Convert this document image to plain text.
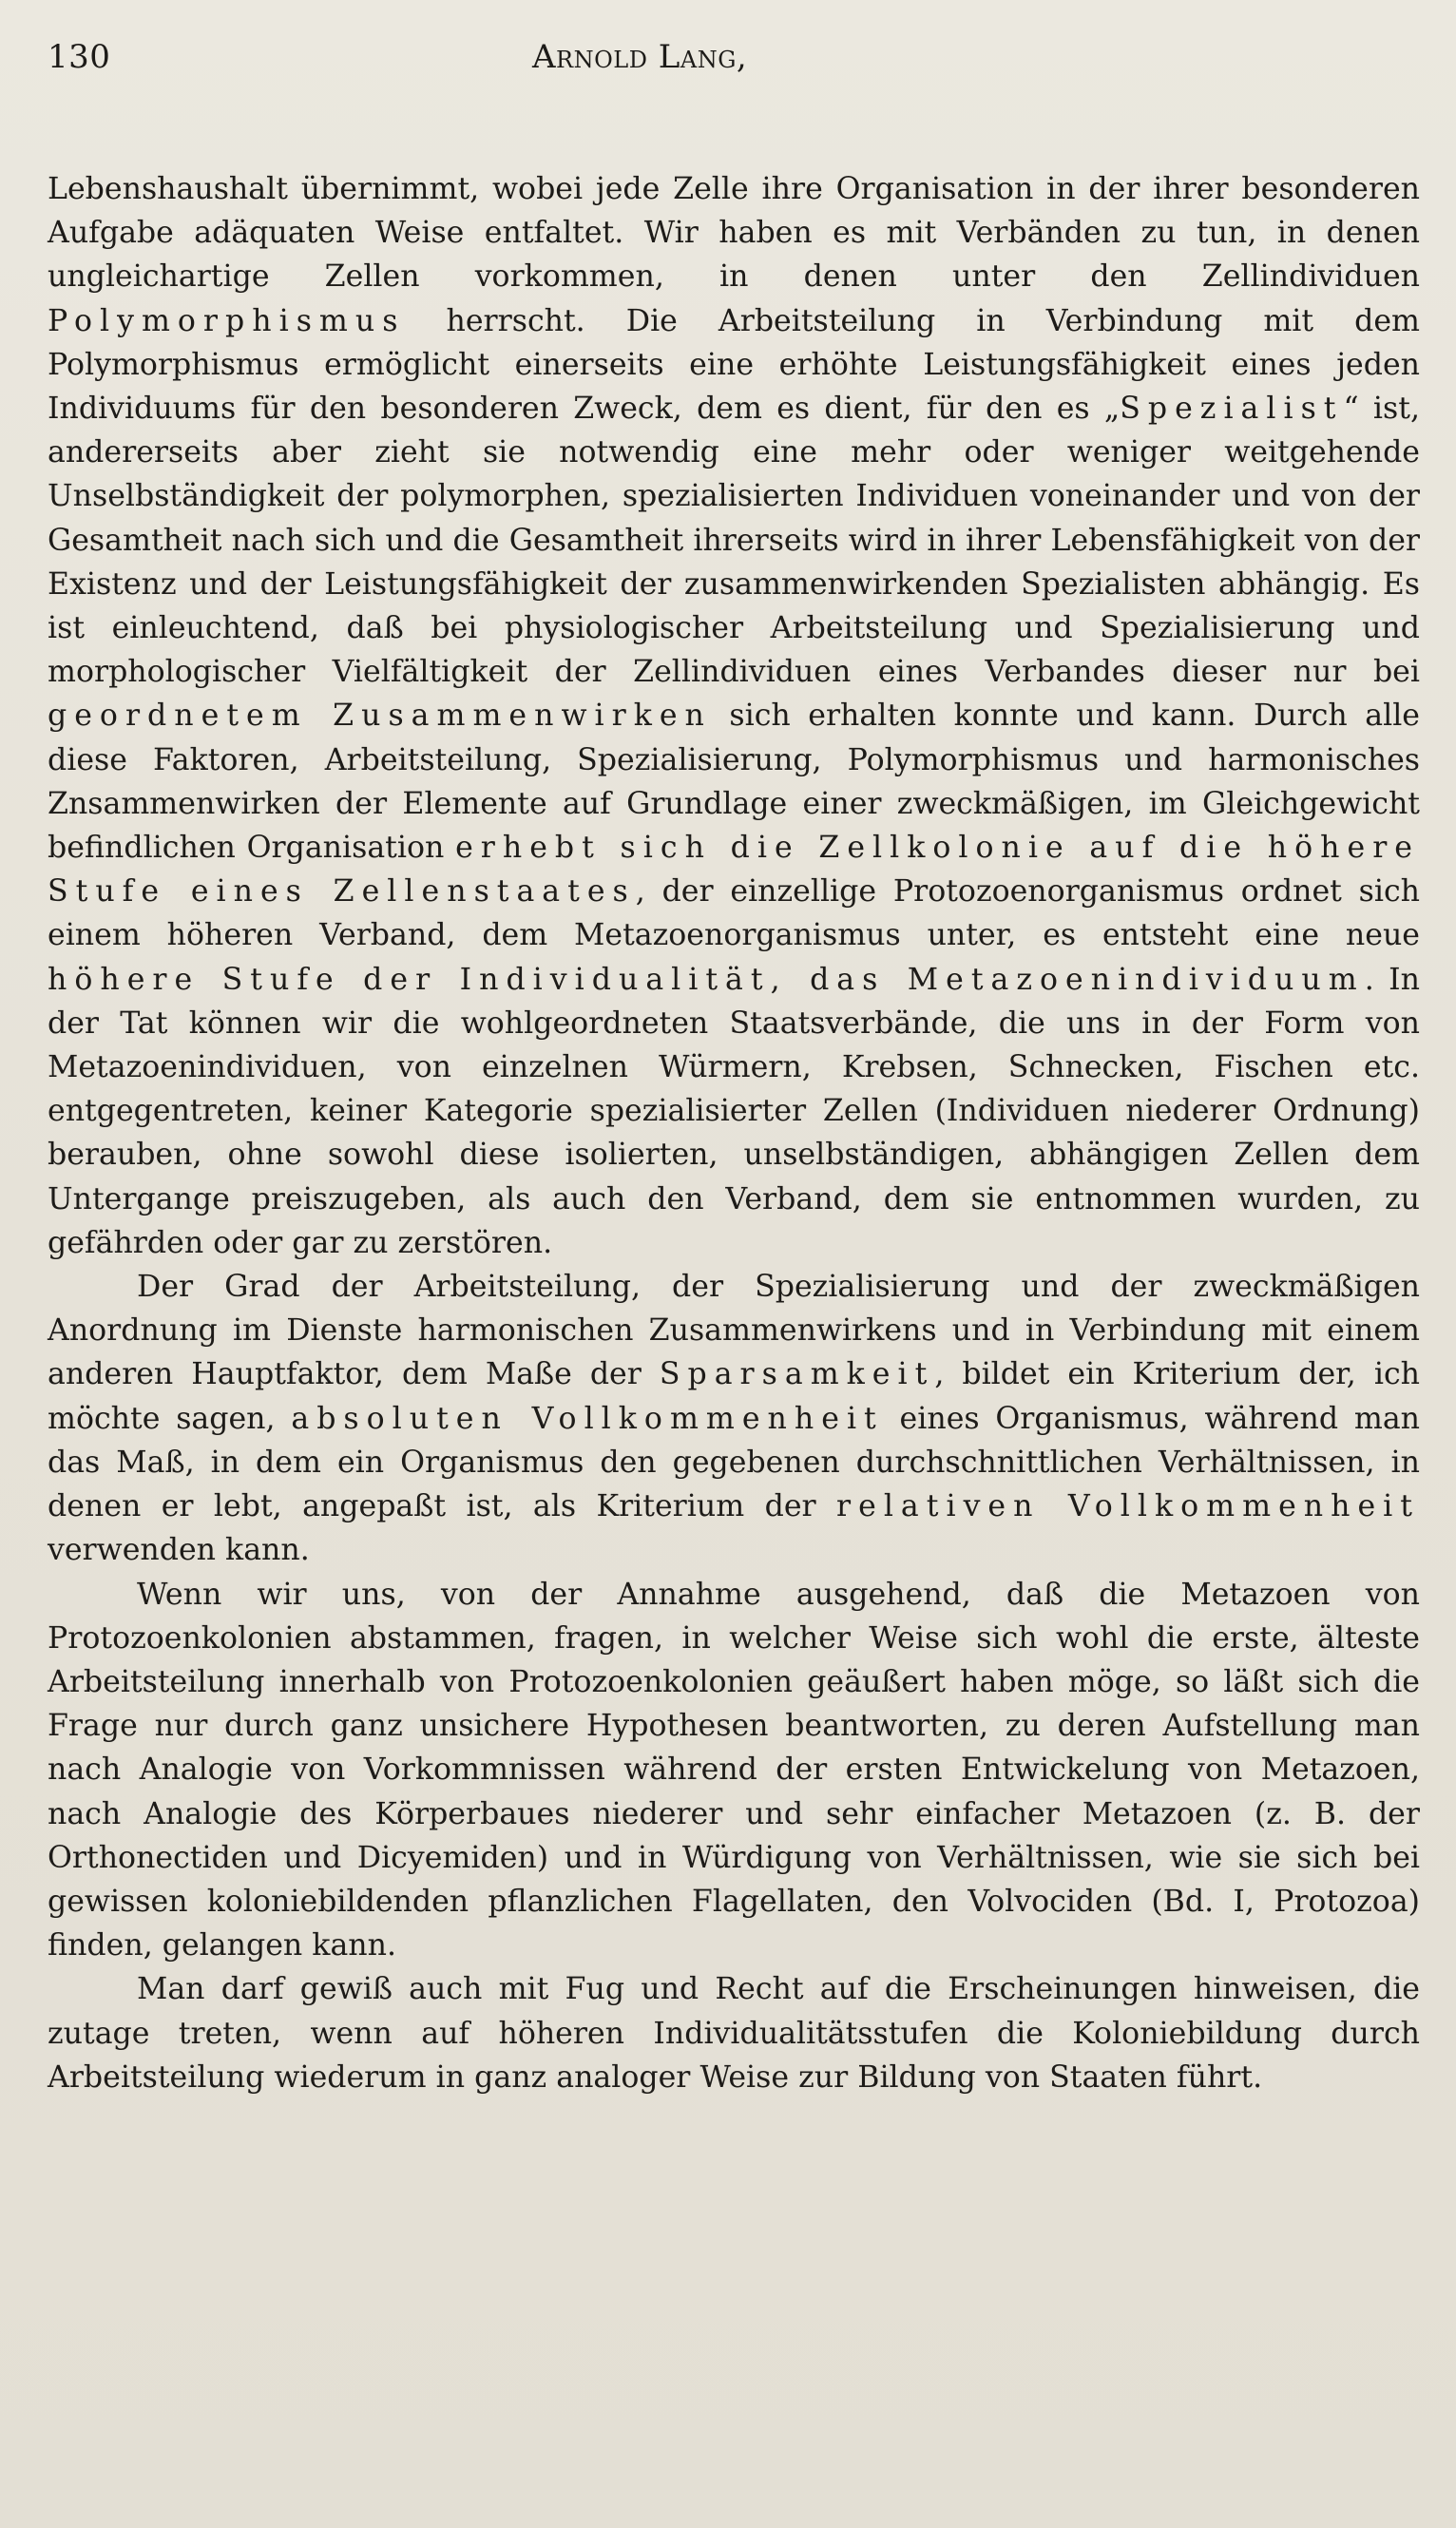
130	Arnold Lang,

Lebenshaushalt übernimmt, wobei jede Zelle ihre Organisation in der ihrer besonderen Aufgabe adäquaten Weise entfaltet. Wir haben es mit Verbänden zu tun, in denen ungleichartige Zellen vorkommen, in denen unter den Zellindividuen Polymorphismus herrscht. Die Arbeitsteilung in Verbindung mit dem Polymorphismus ermöglicht einerseits eine erhöhte Leistungsfähigkeit eines jeden Individuums für den besonderen Zweck, dem es dient, für den es „Spezialist“ ist, andererseits aber zieht sie notwendig eine mehr oder weniger weitgehende Unselbständigkeit der polymorphen, spezialisierten Individuen voneinander und von der Gesamtheit nach sich und die Gesamtheit ihrerseits wird in ihrer Lebensfähigkeit von der Existenz und der Leistungsfähigkeit der zusammenwirkenden Spezialisten abhängig. Es ist einleuchtend, daß bei physiologischer Arbeitsteilung und Spezialisierung und morphologischer Vielfältigkeit der Zellindividuen eines Verbandes dieser nur bei geordnetem Zusammenwirken sich erhalten konnte und kann. Durch alle diese Faktoren, Arbeitsteilung, Spezialisierung, Polymorphismus und harmonisches Znsammenwirken der Elemente auf Grundlage einer zweckmäßigen, im Gleichgewicht befindlichen Organisation erhebt sich die Zellkolonie auf die höhere Stufe eines Zellenstaates, der einzellige Protozoenorganismus ordnet sich einem höheren Verband, dem Metazoenorganismus unter, es entsteht eine neue höhere Stufe der Individualität, das Metazoenindividuum. In der Tat können wir die wohlgeordneten Staatsverbände, die uns in der Form von Metazoenindividuen, von einzelnen Würmern, Krebsen, Schnecken, Fischen etc. entgegentreten, keiner Kategorie spezialisierter Zellen (Individuen niederer Ordnung) berauben, ohne sowohl diese isolierten, unselbständigen, abhängigen Zellen dem Untergange preiszugeben, als auch den Verband, dem sie entnommen wurden, zu gefährden oder gar zu zerstören.

Der Grad der Arbeitsteilung, der Spezialisierung und der zweckmäßigen Anordnung im Dienste harmonischen Zusammenwirkens und in Verbindung mit einem anderen Hauptfaktor, dem Maße der Sparsamkeit, bildet ein Kriterium der, ich möchte sagen, absoluten Vollkommenheit eines Organismus, während man das Maß, in dem ein Organismus den gegebenen durchschnittlichen Verhältnissen, in denen er lebt, angepaßt ist, als Kriterium der relativen Vollkommenheit verwenden kann.

Wenn wir uns, von der Annahme ausgehend, daß die Metazoen von Protozoenkolonien abstammen, fragen, in welcher Weise sich wohl die erste, älteste Arbeitsteilung innerhalb von Protozoenkolonien geäußert haben möge, so läßt sich die Frage nur durch ganz unsichere Hypothesen beantworten, zu deren Aufstellung man nach Analogie von Vorkommnissen während der ersten Entwickelung von Metazoen, nach Analogie des Körperbaues niederer und sehr einfacher Metazoen (z. B. der Orthonectiden und Dicyemiden) und in Würdigung von Verhältnissen, wie sie sich bei gewissen koloniebildenden pflanzlichen Flagellaten, den Volvociden (Bd. I, Protozoa) finden, gelangen kann.

Man darf gewiß auch mit Fug und Recht auf die Erscheinungen hinweisen, die zutage treten, wenn auf höheren Individualitätsstufen die Koloniebildung durch Arbeitsteilung wiederum in ganz analoger Weise zur Bildung von Staaten führt.
